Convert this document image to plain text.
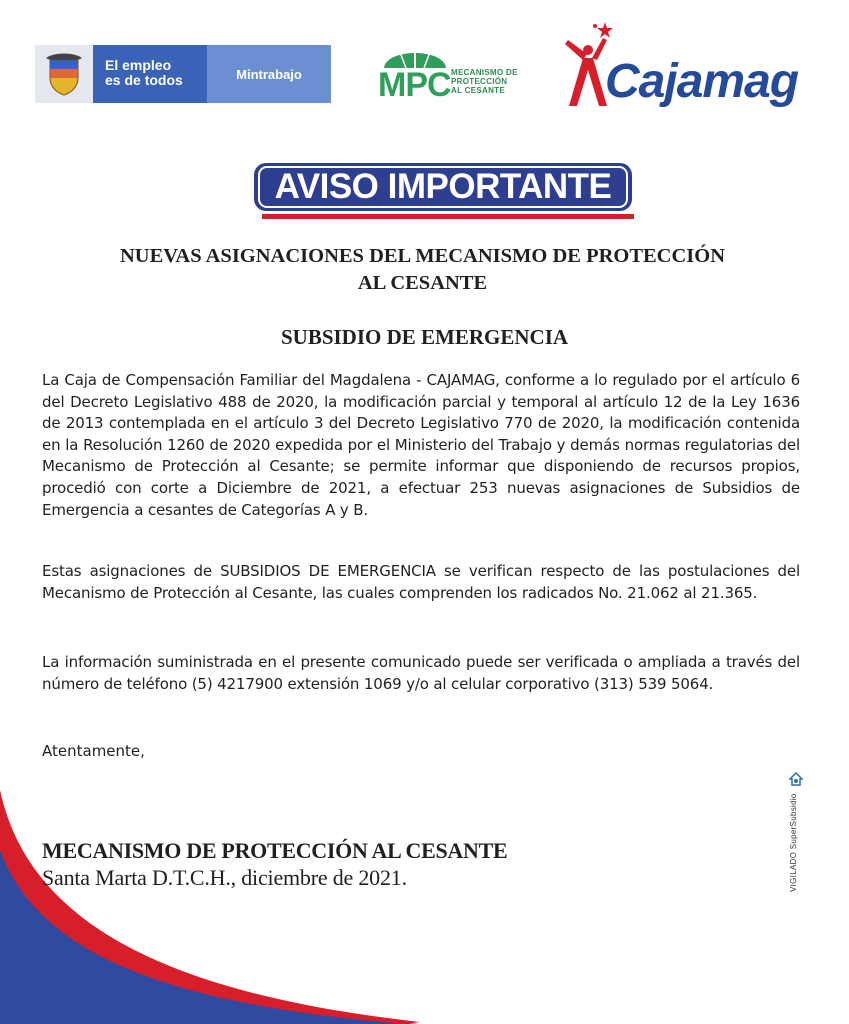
El empleo
es de todos	Mintrabajo	MPC MECANISMO DE
PROTECCIÓN
AL CESANTE Cajamag
AVISO IMPORTANTE
NUEVAS ASIGNACIONES DEL MECANISMO DE PROTECCIÓN
AL CESANTE
SUBSIDIO DE EMERGENCIA
La Caja de Compensación Familiar del Magdalena - CAJAMAG, conforme a lo regulado por el artículo 6 del Decreto Legislativo 488 de 2020, la modificación parcial y temporal al artículo 12 de la Ley 1636 de 2013 contemplada en el artículo 3 del Decreto Legislativo 770 de 2020, la modificación contenida en la Resolución 1260 de 2020 expedida por el Ministerio del Trabajo y demás normas regulatorias del Mecanismo de Protección al Cesante; se permite informar que disponiendo de recursos propios, procedió con corte a Diciembre de 2021, a efectuar 253 nuevas asignaciones de Subsidios de Emergencia a cesantes de Categorías A y B.
Estas asignaciones de SUBSIDIOS DE EMERGENCIA se verifican respecto de las postulaciones del Mecanismo de Protección al Cesante, las cuales comprenden los radicados No. 21.062 al 21.365.
La información suministrada en el presente comunicado puede ser verificada o ampliada a través del número de teléfono (5) 4217900 extensión 1069 y/o al celular corporativo (313) 539 5064.
Atentamente,
MECANISMO DE PROTECCIÓN AL CESANTE
Santa Marta D.T.C.H., diciembre de 2021.	VIGILADO SuperSubsidio
